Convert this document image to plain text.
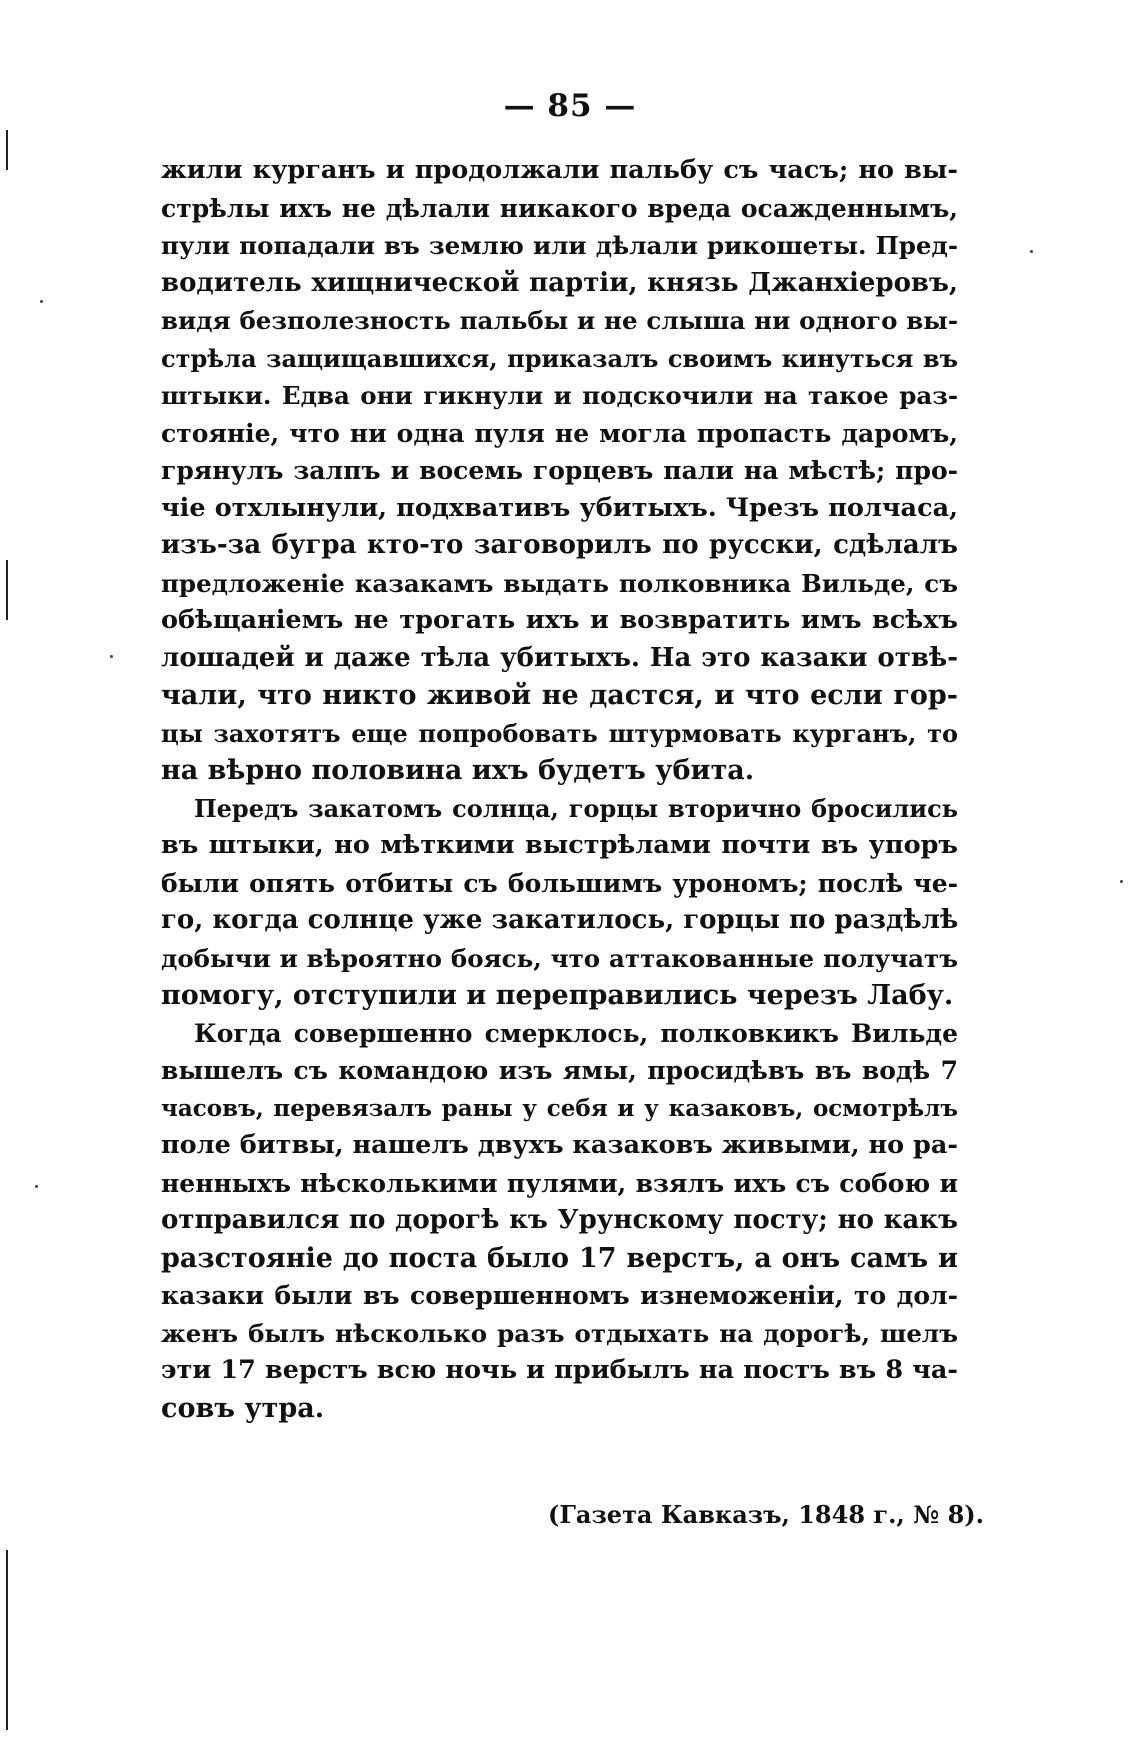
— 85 —
жили курганъ и продолжали пальбу съ часъ; но вы-
стрѣлы ихъ не дѣлали никакого вреда осажденнымъ,
пули попадали въ землю или дѣлали рикошеты. Пред-
водитель хищнической партіи, князь Джанхіеровъ,
видя безполезность пальбы и не слыша ни одного вы-
стрѣла защищавшихся, приказалъ своимъ кинуться въ
штыки. Едва они гикнули и подскочили на такое раз-
стояніе, что ни одна пуля не могла пропасть даромъ,
грянулъ залпъ и восемь горцевъ пали на мѣстѣ; про-
чіе отхлынули, подхвативъ убитыхъ. Чрезъ полчаса,
изъ-за бугра кто-то заговорилъ по русски, сдѣлалъ
предложеніе казакамъ выдать полковника Вильде, съ
обѣщаніемъ не трогать ихъ и возвратить имъ всѣхъ
лошадей и даже тѣла убитыхъ. На это казаки отвѣ-
чали, что никто живой не дастся, и что если гор-
цы захотятъ еще попробовать штурмовать курганъ, то
на вѣрно половина ихъ будетъ убита.
Передъ закатомъ солнца, горцы вторично бросились
въ штыки, но мѣткими выстрѣлами почти въ упоръ
были опять отбиты съ большимъ урономъ; послѣ че-
го, когда солнце уже закатилось, горцы по раздѣлѣ
добычи и вѣроятно боясь, что аттакованные получатъ
помогу, отступили и переправились черезъ Лабу.
Когда совершенно смерклось, полковкикъ Вильде
вышелъ съ командою изъ ямы, просидѣвъ въ водѣ 7
часовъ, перевязалъ раны у себя и у казаковъ, осмотрѣлъ
поле битвы, нашелъ двухъ казаковъ живыми, но ра-
ненныхъ нѣсколькими пулями, взялъ ихъ съ собою и
отправился по дорогѣ къ Урунскому посту; но какъ
разстояніе до поста было 17 верстъ, а онъ самъ и
казаки были въ совершенномъ изнеможеніи, то дол-
женъ былъ нѣсколько разъ отдыхать на дорогѣ, шелъ
эти 17 верстъ всю ночь и прибылъ на постъ въ 8 ча-
совъ утра.
(Газета Кавказъ, 1848 г., № 8).
